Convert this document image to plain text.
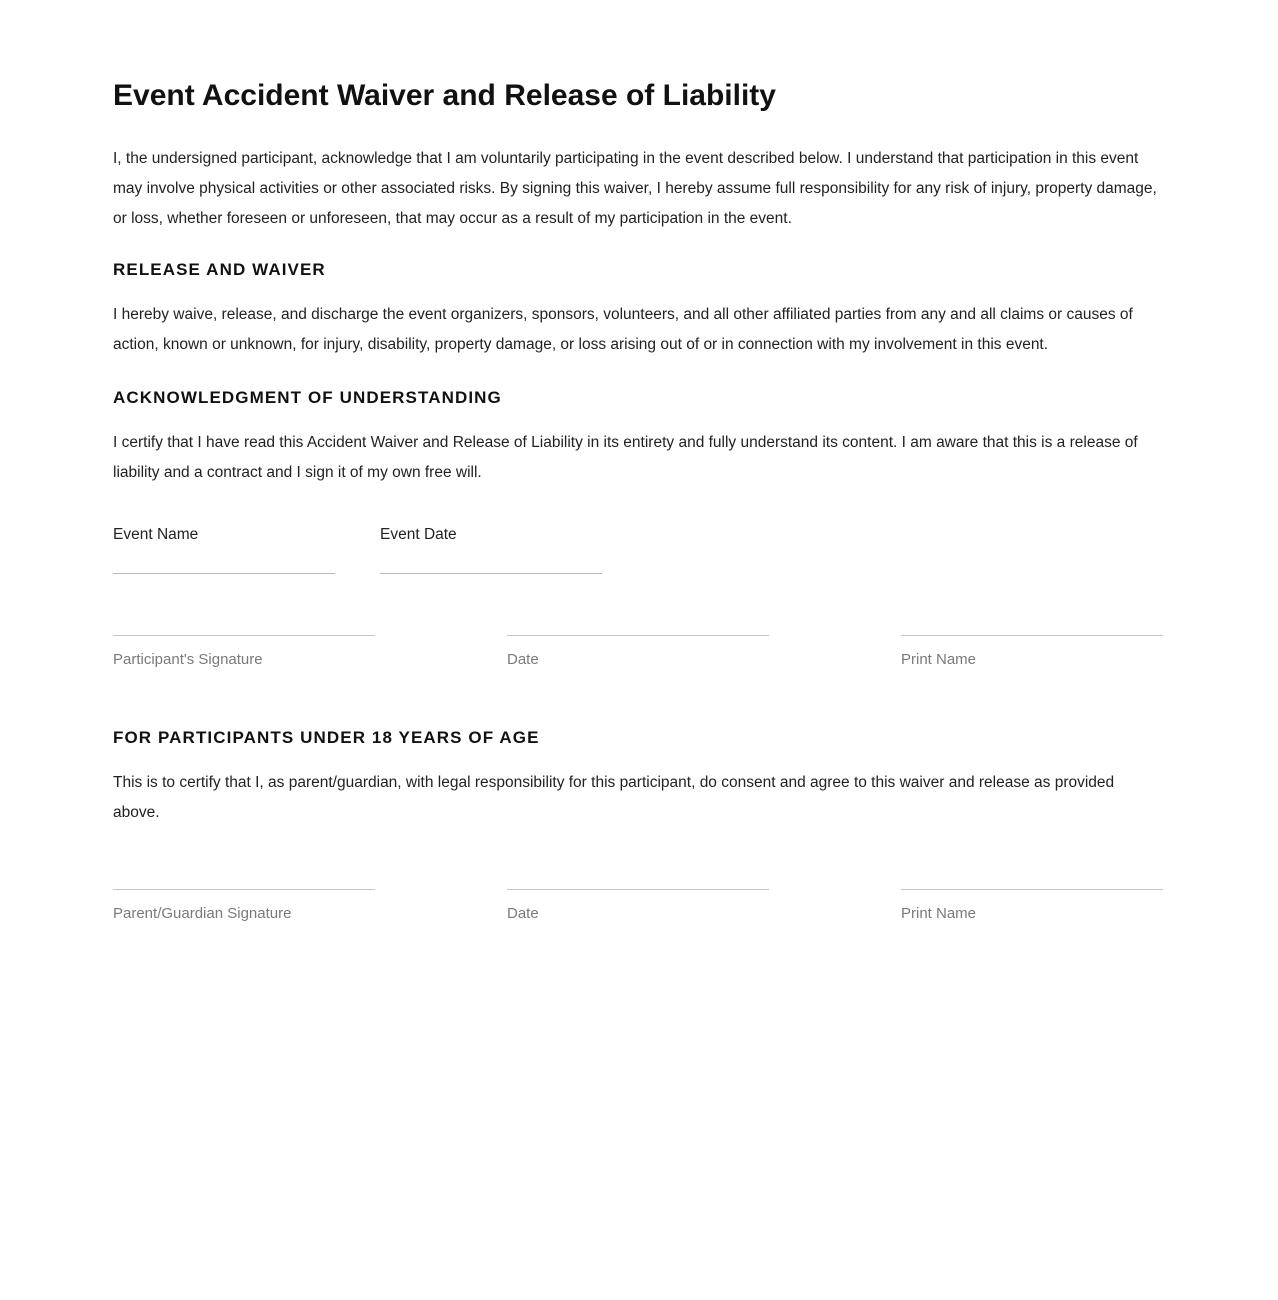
Event Accident Waiver and Release of Liability

I, the undersigned participant, acknowledge that I am voluntarily participating in the event described below. I understand that participation in this event may involve physical activities or other associated risks. By signing this waiver, I hereby assume full responsibility for any risk of injury, property damage, or loss, whether foreseen or unforeseen, that may occur as a result of my participation in the event.

RELEASE AND WAIVER

I hereby waive, release, and discharge the event organizers, sponsors, volunteers, and all other affiliated parties from any and all claims or causes of action, known or unknown, for injury, disability, property damage, or loss arising out of or in connection with my involvement in this event.

ACKNOWLEDGMENT OF UNDERSTANDING

I certify that I have read this Accident Waiver and Release of Liability in its entirety and fully understand its content. I am aware that this is a release of liability and a contract and I sign it of my own free will.

Event Name	Event Date
Participant's Signature	Date	Print Name
FOR PARTICIPANTS UNDER 18 YEARS OF AGE

This is to certify that I, as parent/guardian, with legal responsibility for this participant, do consent and agree to this waiver and release as provided above.

Parent/Guardian Signature	Date	Print Name
